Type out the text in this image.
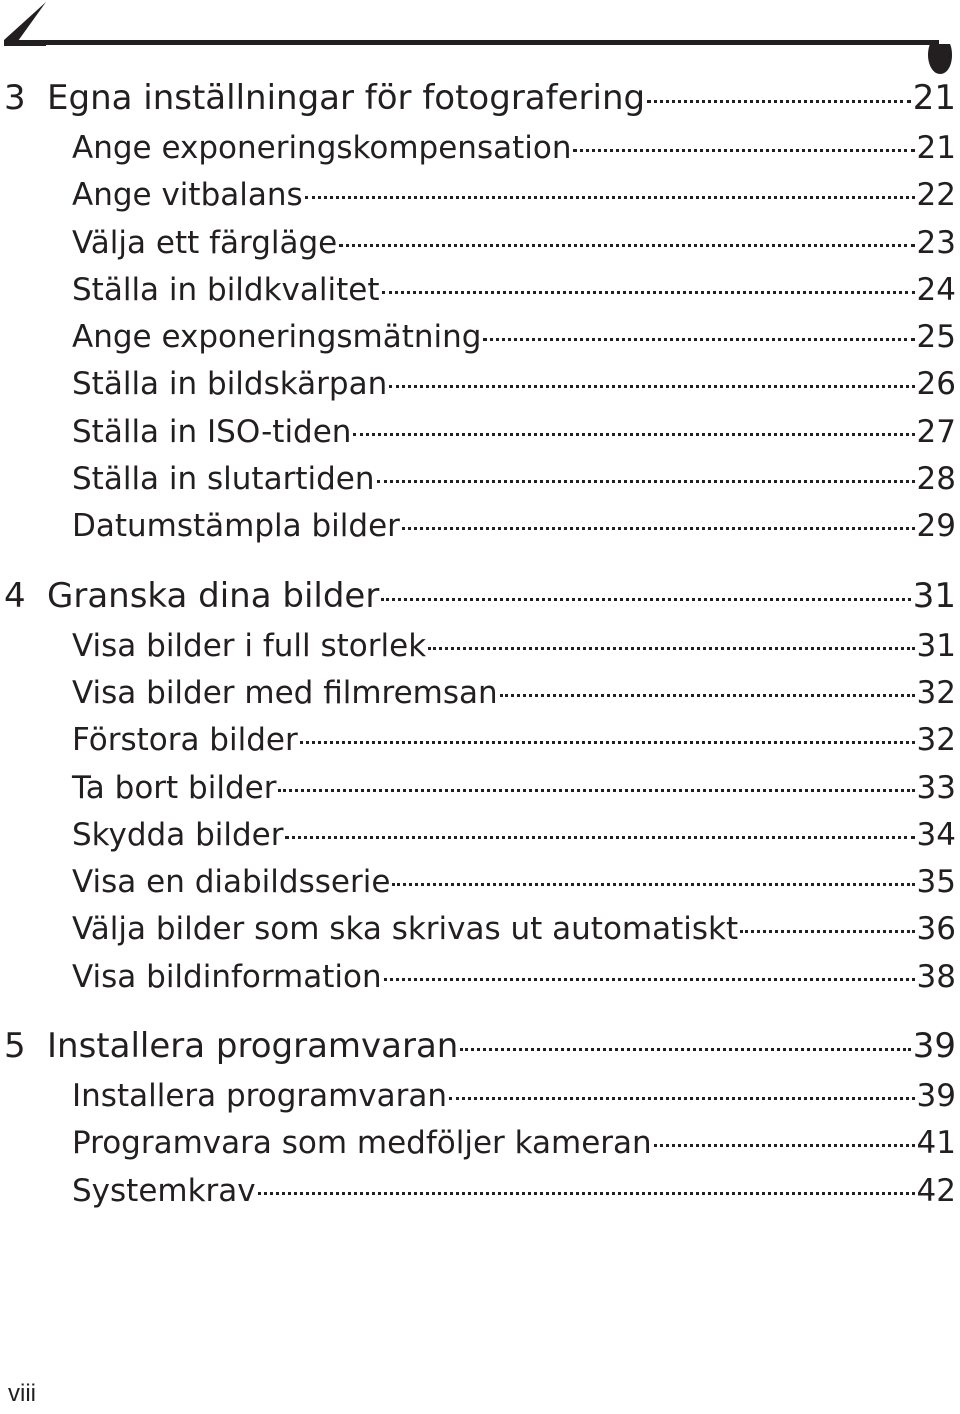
3 Egna inställningar för fotografering	21
Ange exponeringskompensation	21
Ange vitbalans	22
Välja ett färgläge	23
Ställa in bildkvalitet	24
Ange exponeringsmätning	25
Ställa in bildskärpan	26
Ställa in ISO-tiden	27
Ställa in slutartiden	28
Datumstämpla bilder	29
4 Granska dina bilder	31
Visa bilder i full storlek	31
Visa bilder med filmremsan	32
Förstora bilder	32
Ta bort bilder	33
Skydda bilder	34
Visa en diabildsserie	35
Välja bilder som ska skrivas ut automatiskt	36
Visa bildinformation	38
5 Installera programvaran	39
Installera programvaran	39
Programvara som medföljer kameran	41
Systemkrav	42
viii
